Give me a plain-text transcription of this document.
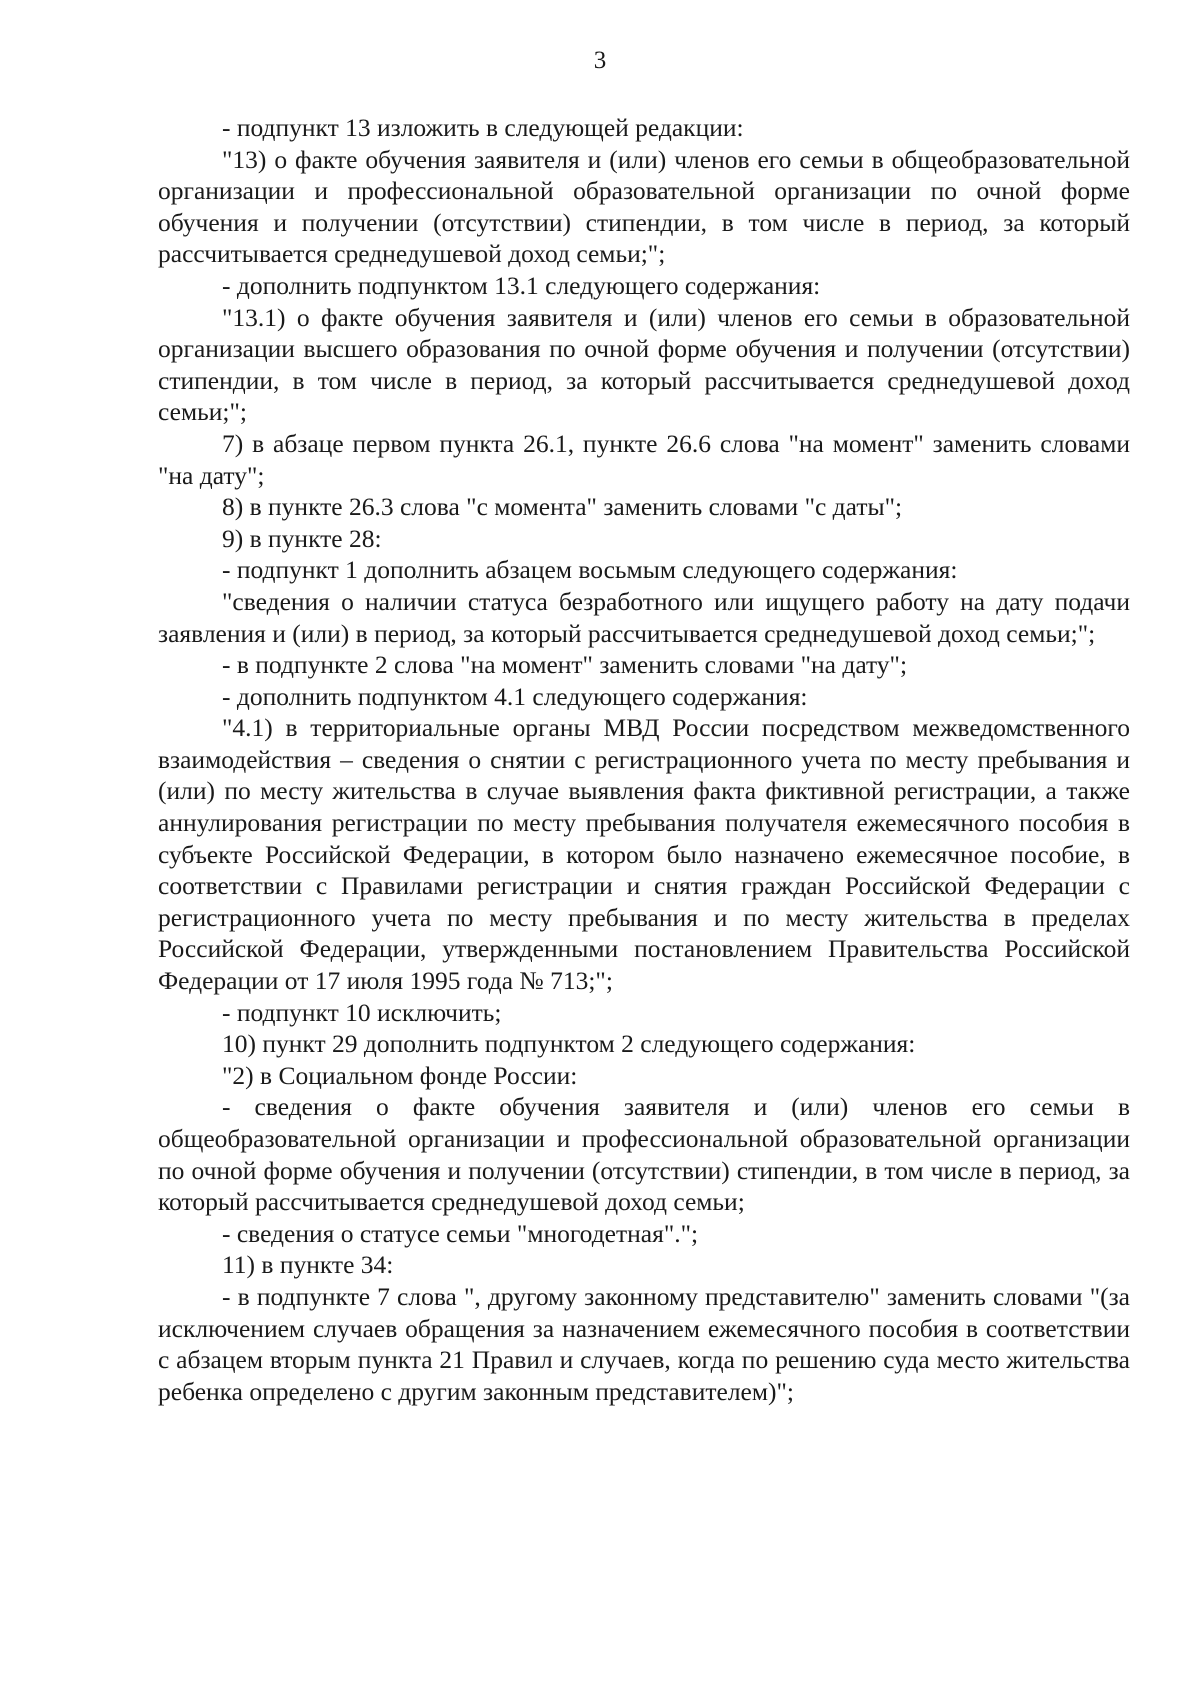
3

- подпункт 13 изложить в следующей редакции:

"13) о факте обучения заявителя и (или) членов его семьи в общеобразовательной организации и профессиональной образовательной организации по очной форме обучения и получении (отсутствии) стипендии, в том числе в период, за который рассчитывается среднедушевой доход семьи;";

- дополнить подпунктом 13.1 следующего содержания:

"13.1) о факте обучения заявителя и (или) членов его семьи в образовательной организации высшего образования по очной форме обучения и получении (отсутствии) стипендии, в том числе в период, за который рассчитывается среднедушевой доход семьи;";

7) в абзаце первом пункта 26.1, пункте 26.6 слова "на момент" заменить словами "на дату";

8) в пункте 26.3 слова "с момента" заменить словами "с даты";

9) в пункте 28:

- подпункт 1 дополнить абзацем восьмым следующего содержания:

"сведения о наличии статуса безработного или ищущего работу на дату подачи заявления и (или) в период, за который рассчитывается среднедушевой доход семьи;";

- в подпункте 2 слова "на момент" заменить словами "на дату";

- дополнить подпунктом 4.1 следующего содержания:

"4.1) в территориальные органы МВД России посредством межведомственного взаимодействия – сведения о снятии с регистрационного учета по месту пребывания и (или) по месту жительства в случае выявления факта фиктивной регистрации, а также аннулирования регистрации по месту пребывания получателя ежемесячного пособия в субъекте Российской Федерации, в котором было назначено ежемесячное пособие, в соответствии с Правилами регистрации и снятия граждан Российской Федерации с регистрационного учета по месту пребывания и по месту жительства в пределах Российской Федерации, утвержденными постановлением Правительства Российской Федерации от 17 июля 1995 года № 713;";

- подпункт 10 исключить;

10) пункт 29 дополнить подпунктом 2 следующего содержания:

"2) в Социальном фонде России:

- сведения о факте обучения заявителя и (или) членов его семьи в общеобразовательной организации и профессиональной образовательной организации по очной форме обучения и получении (отсутствии) стипендии, в том числе в период, за который рассчитывается среднедушевой доход семьи;

- сведения о статусе семьи "многодетная".";

11) в пункте 34:

- в подпункте 7 слова ", другому законному представителю" заменить словами "(за исключением случаев обращения за назначением ежемесячного пособия в соответствии с абзацем вторым пункта 21 Правил и случаев, когда по решению суда место жительства ребенка определено с другим законным представителем)";
